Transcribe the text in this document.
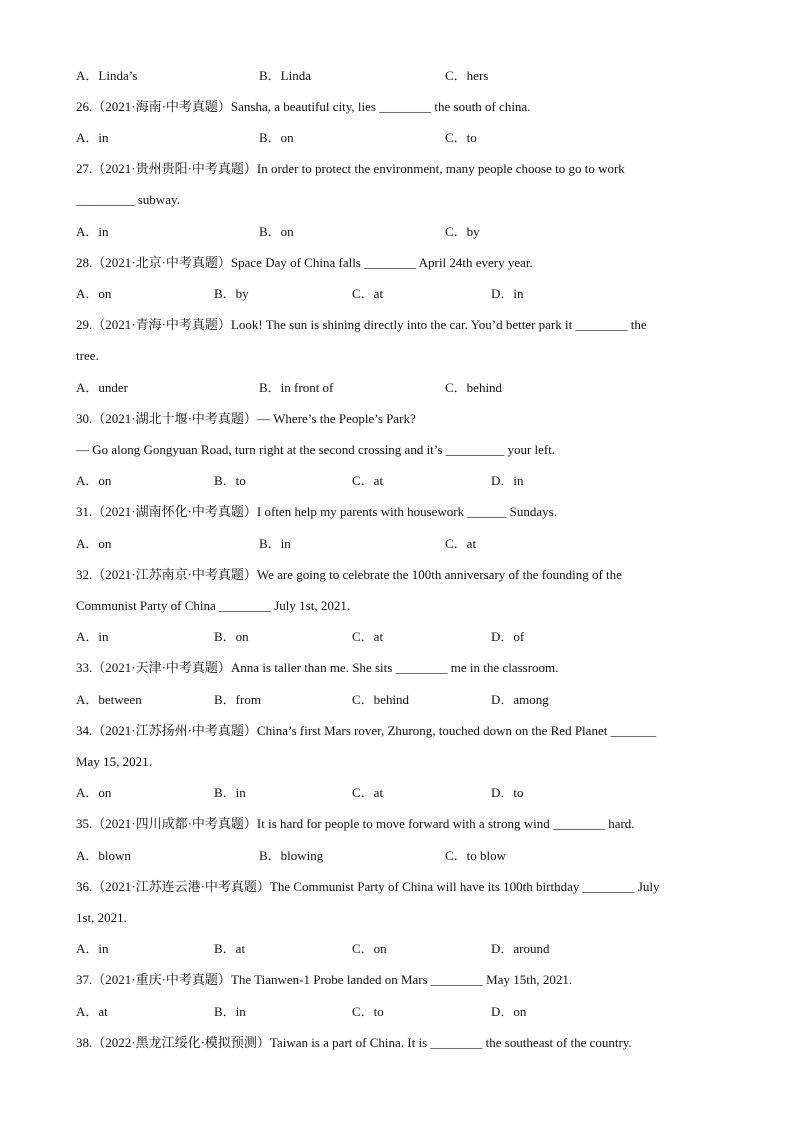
A．Linda’s	B．Linda	C．hers
26.（2021·海南·中考真题）Sansha, a beautiful city, lies ________ the south of china.
A．in	B．on	C．to
27.（2021·贵州贵阳·中考真题）In order to protect the environment, many people choose to go to work
_________ subway.
A．in	B．on	C．by
28.（2021·北京·中考真题）Space Day of China falls ________ April 24th every year.
A．on	B．by	C．at	D．in
29.（2021·青海·中考真题）Look! The sun is shining directly into the car. You’d better park it ________ the
tree.
A．under	B．in front of	C．behind
30.（2021·湖北十堰·中考真题）— Where’s the People’s Park?
— Go along Gongyuan Road, turn right at the second crossing and it’s _________ your left.
A．on	B．to	C．at	D．in
31.（2021·湖南怀化·中考真题）I often help my parents with housework ______ Sundays.
A．on	B．in	C．at
32.（2021·江苏南京·中考真题）We are going to celebrate the 100th anniversary of the founding of the
Communist Party of China ________ July 1st, 2021.
A．in	B．on	C．at	D．of
33.（2021·天津·中考真题）Anna is taller than me. She sits ________ me in the classroom.
A．between	B．from	C．behind	D．among
34.（2021·江苏扬州·中考真题）China’s first Mars rover, Zhurong, touched down on the Red Planet _______
May 15, 2021.
A．on	B．in	C．at	D．to
35.（2021·四川成都·中考真题）It is hard for people to move forward with a strong wind ________ hard.
A．blown	B．blowing	C．to blow
36.（2021·江苏连云港·中考真题）The Communist Party of China will have its 100th birthday ________ July
1st, 2021.
A．in	B．at	C．on	D．around
37.（2021·重庆·中考真题）The Tianwen-1 Probe landed on Mars ________ May 15th, 2021.
A．at	B．in	C．to	D．on
38.（2022·黑龙江绥化·模拟预测）Taiwan is a part of China. It is ________ the southeast of the country.
